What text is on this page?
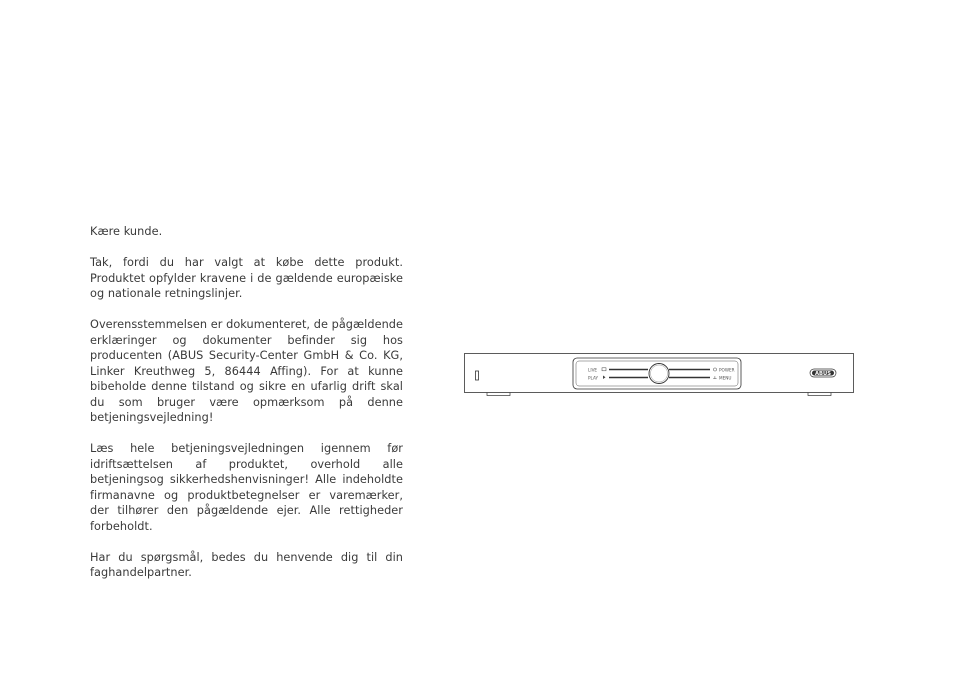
Kære kunde.

Tak, fordi du har valgt at købe dette produkt. Produktet opfylder kravene i de gældende europæiske og nationale retningslinjer.

Overensstemmelsen er dokumenteret, de pågældende erklæringer og dokumenter befinder sig hos producenten (ABUS Security-Center GmbH & Co. KG, Linker Kreuthweg 5, 86444 Affing). For at kunne bibeholde denne tilstand og sikre en ufarlig drift skal du som bruger være opmærksom på denne betjeningsvejledning!

Læs hele betjeningsvejledningen igennem før idriftsættelsen af produktet, overhold alle betjeningsog sikkerhedshenvisninger! Alle indeholdte firmanavne og produktbetegnelser er varemærker, der tilhører den pågældende ejer. Alle rettigheder forbeholdt.

Har du spørgsmål, bedes du henvende dig til din faghandelpartner.

LIVE
PLAY
POWER
MENU
ABUS
